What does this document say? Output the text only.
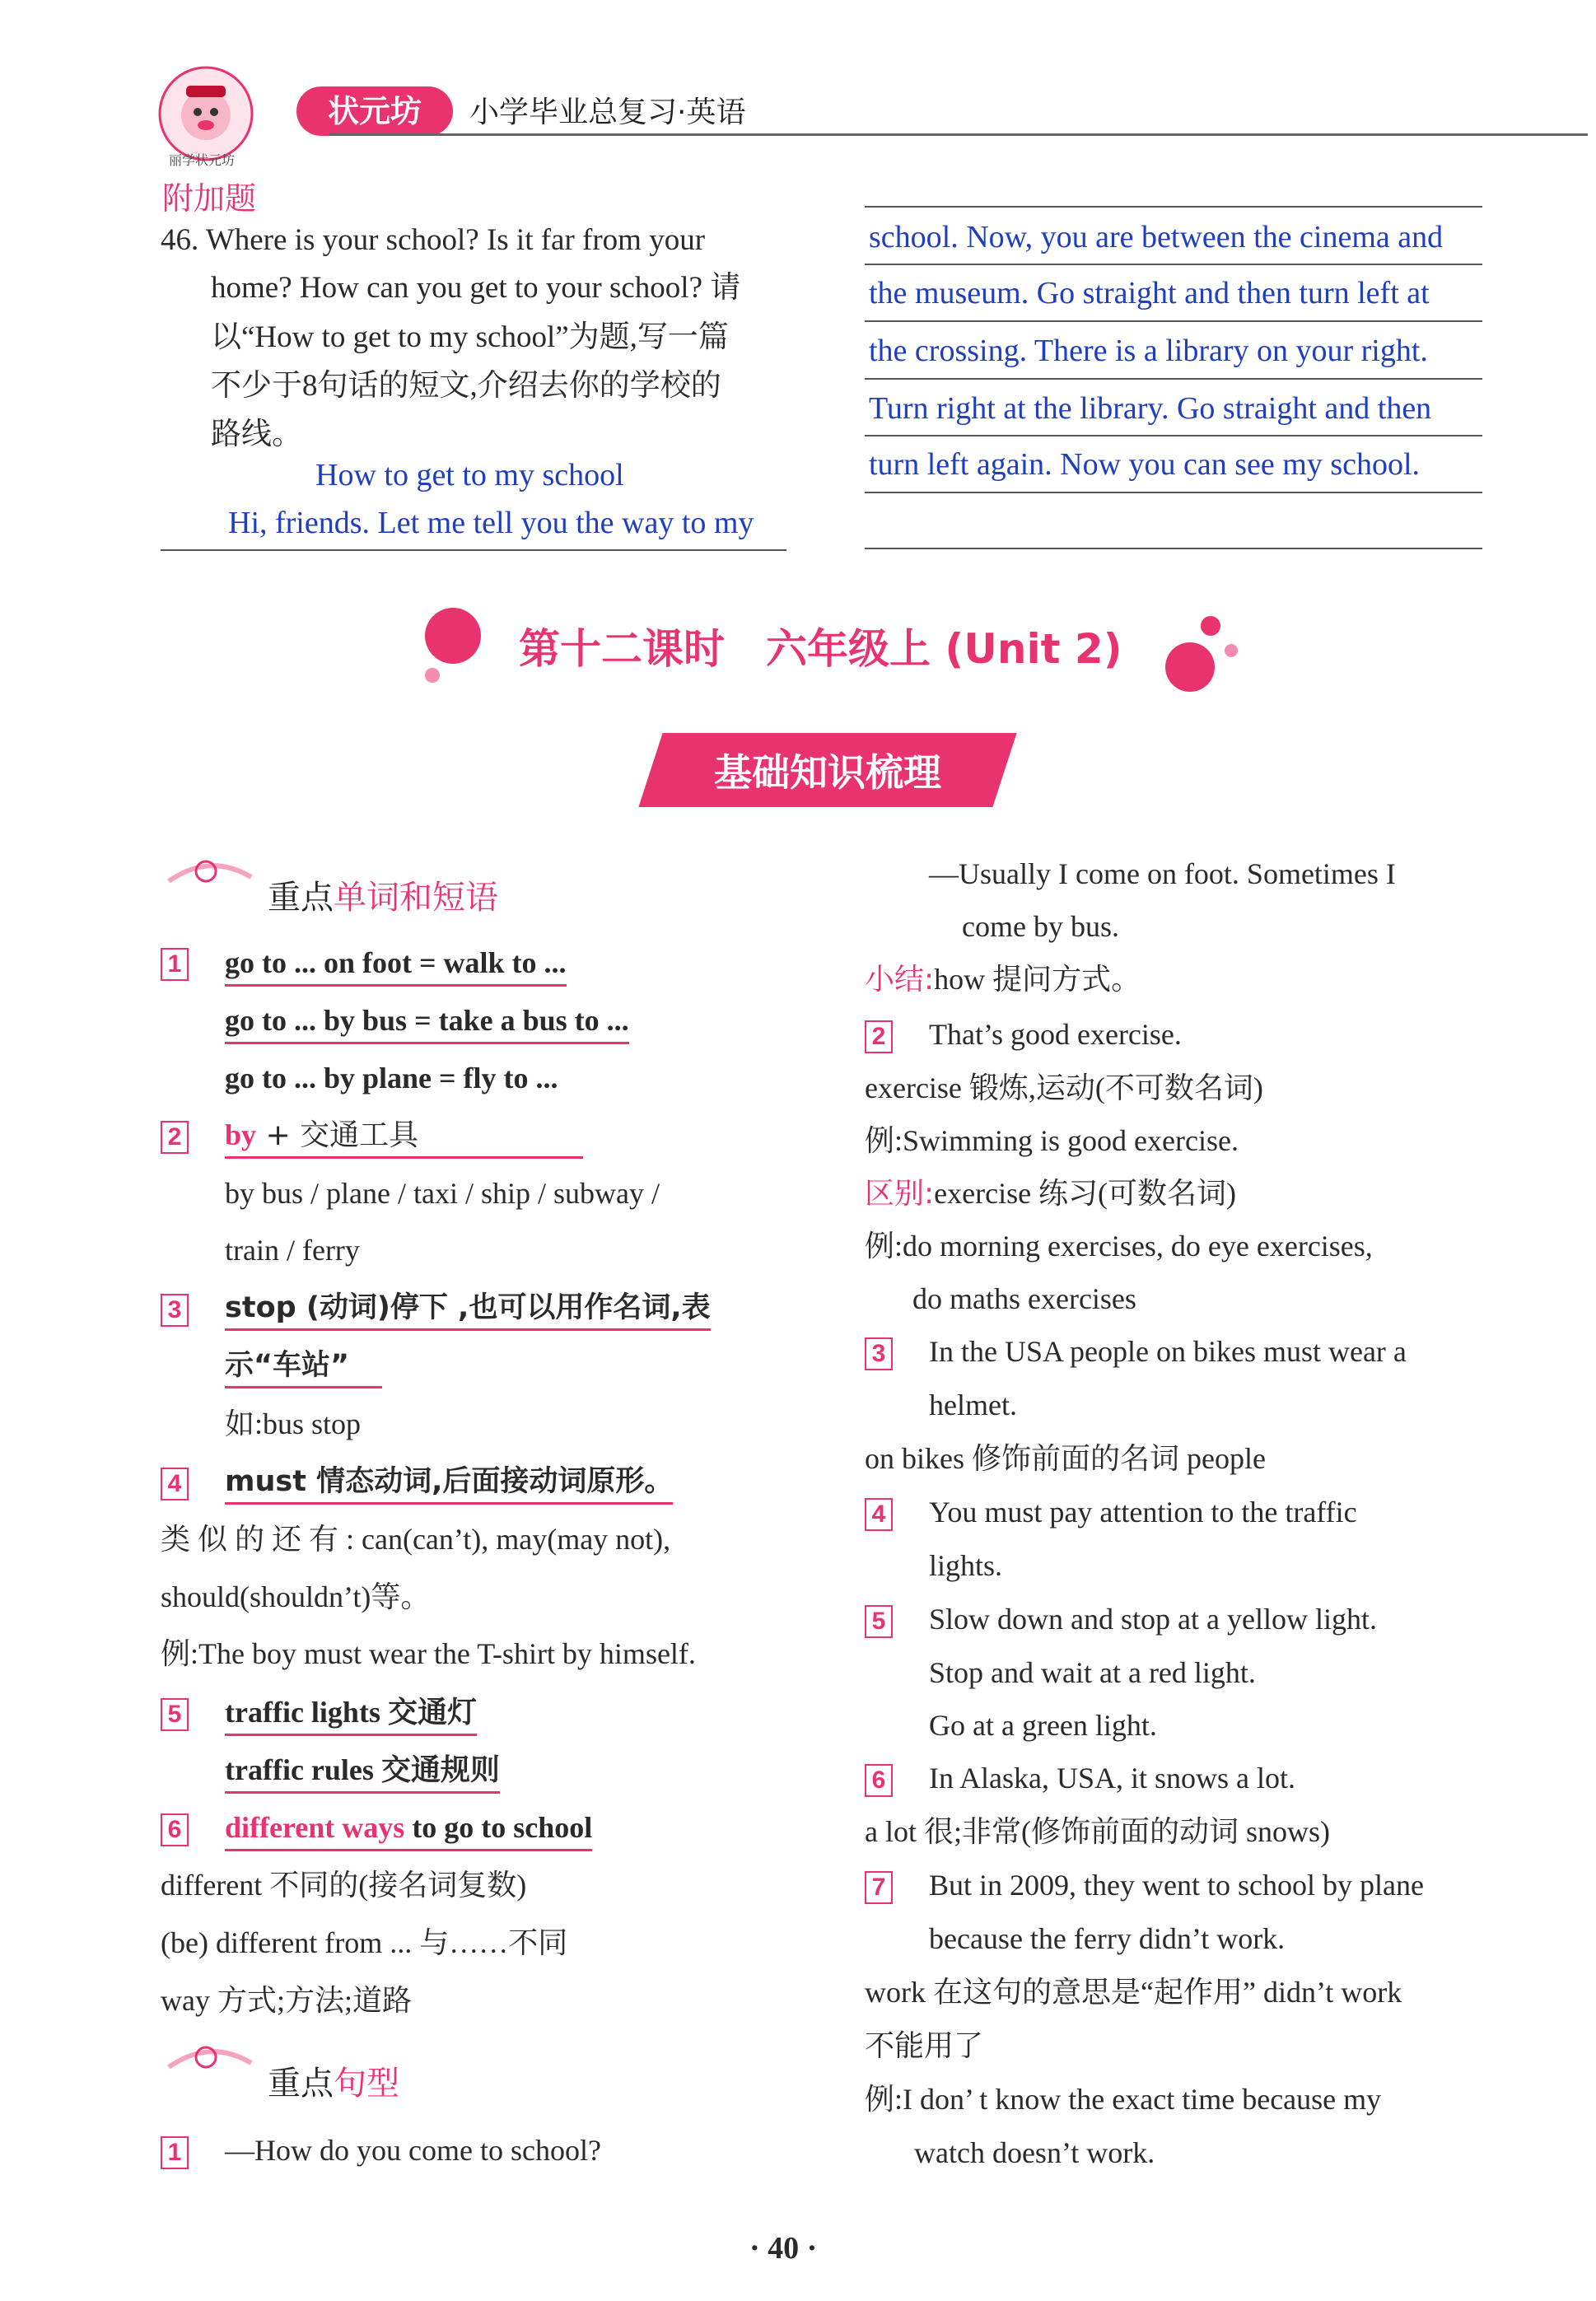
丽学状元坊
状元坊	小学毕业总复习·英语
附加题
46. Where is your school? Is it far from your
home? How can you get to your school? 请
以“How to get to my school”为题,写一篇
不少于8句话的短文,介绍去你的学校的
路线。
How to get to my school
Hi, friends. Let me tell you the way to my
school. Now, you are between the cinema and
the museum. Go straight and then turn left at
the crossing. There is a library on your right.
Turn right at the library. Go straight and then
turn left again. Now you can see my school.
第十二课时　六年级上 (Unit 2)
基础知识梳理
重点单词和短语
1 go to ... on foot = walk to ...
go to ... by bus = take a bus to ...
go to ... by plane = fly to ...
2 by + 交通工具
by bus / plane / taxi / ship / subway /
train / ferry
3 stop (动词)停下 ,也可以用作名词,表
示“车站”
如:bus stop
4 must 情态动词,后面接动词原形。
类 似 的 还 有 : can(can’t), may(may not),
should(shouldn’t)等。
例:The boy must wear the T-shirt by himself.
5 traffic lights 交通灯
traffic rules 交通规则
6 different ways to go to school
different 不同的(接名词复数)
(be) different from ... 与……不同
way 方式;方法;道路
重点句型
1 —How do you come to school?
—Usually I come on foot. Sometimes I
come by bus.
小结:how 提问方式。
2 That’s good exercise.
exercise 锻炼,运动(不可数名词)
例:Swimming is good exercise.
区别:exercise 练习(可数名词)
例:do morning exercises, do eye exercises,
do maths exercises
3 In the USA people on bikes must wear a
helmet.
on bikes 修饰前面的名词 people
4 You must pay attention to the traffic
lights.
5 Slow down and stop at a yellow light.
Stop and wait at a red light.
Go at a green light.
6 In Alaska, USA, it snows a lot.
a lot 很;非常(修饰前面的动词 snows)
7 But in 2009, they went to school by plane
because the ferry didn’t work.
work 在这句的意思是“起作用” didn’t work
不能用了
例:I don’ t know the exact time because my
watch doesn’t work.
· 40 ·
